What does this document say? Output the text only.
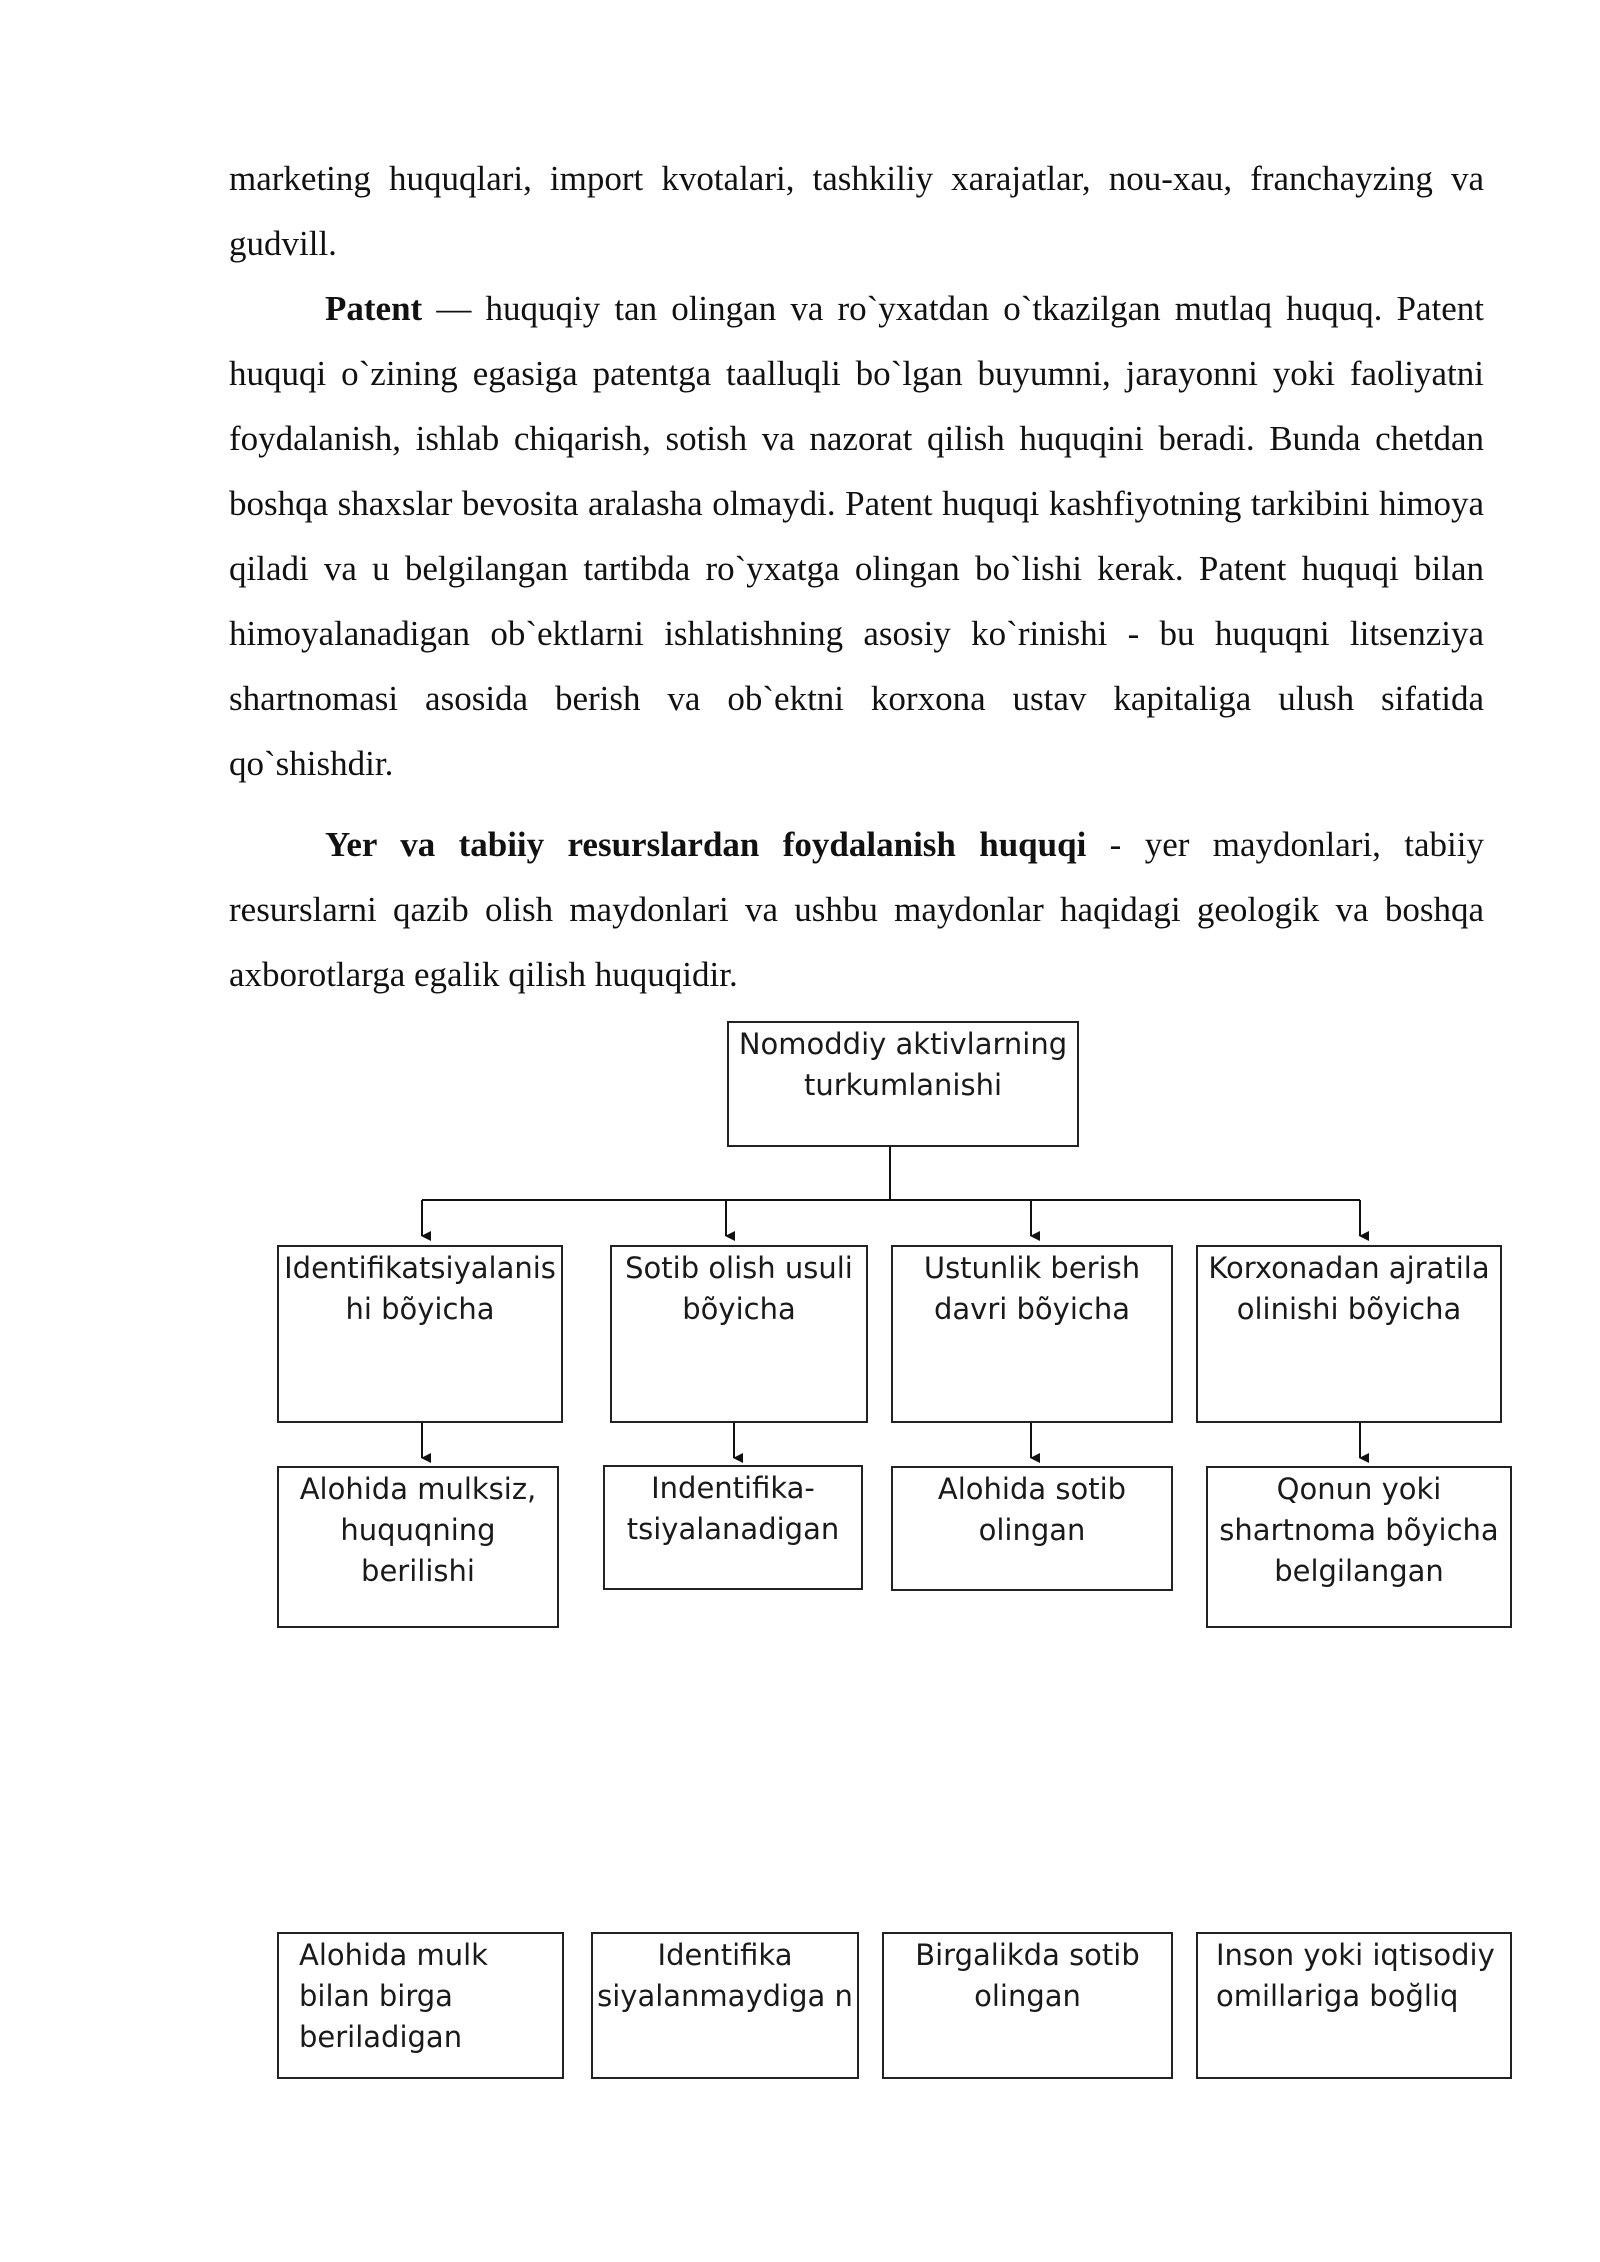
marketing huquqlari, import kvotalari, tashkiliy xarajatlar, nou-xau, franchayzing va gudvill.

Patent — huquqiy tan olingan va ro`yxatdan o`tkazilgan mutlaq huquq. Patent huquqi o`zining egasiga patentga taalluqli bo`lgan buyumni, jarayonni yoki faoliyatni foydalanish, ishlab chiqarish, sotish va nazorat qilish huquqini beradi. Bunda chetdan boshqa shaxslar bevosita aralasha olmaydi. Patent huquqi kashfiyotning tarkibini himoya qiladi va u belgilangan tartibda ro`yxatga olingan bo`lishi kerak. Patent huquqi bilan himoyalanadigan ob`ektlarni ishlatishning asosiy ko`rinishi - bu huquqni litsenziya shartnomasi asosida berish va ob`ektni korxona ustav kapitaliga ulush sifatida qo`shishdir.

Yer va tabiiy resurslardan foydalanish huquqi - yer maydonlari, tabiiy resurslarni qazib olish maydonlari va ushbu maydonlar haqidagi geologik va boshqa axborotlarga egalik qilish huquqidir.

Nomoddiy aktivlarning turkumlanishi
Identifikatsiyalanis hi bõyicha
Sotib olish usuli bõyicha
Ustunlik berish davri bõyicha
Korxonadan ajratila olinishi bõyicha
Alohida mulksiz, huquqning berilishi
Indentifika-tsiyalanadigan
Alohida sotib olingan
Qonun yoki shartnoma bõyicha belgilangan
Alohida mulk bilan birga beriladigan
Identifika siyalanmaydiga n
Birgalikda sotib olingan
Inson yoki iqtisodiy omillariga boğliq
